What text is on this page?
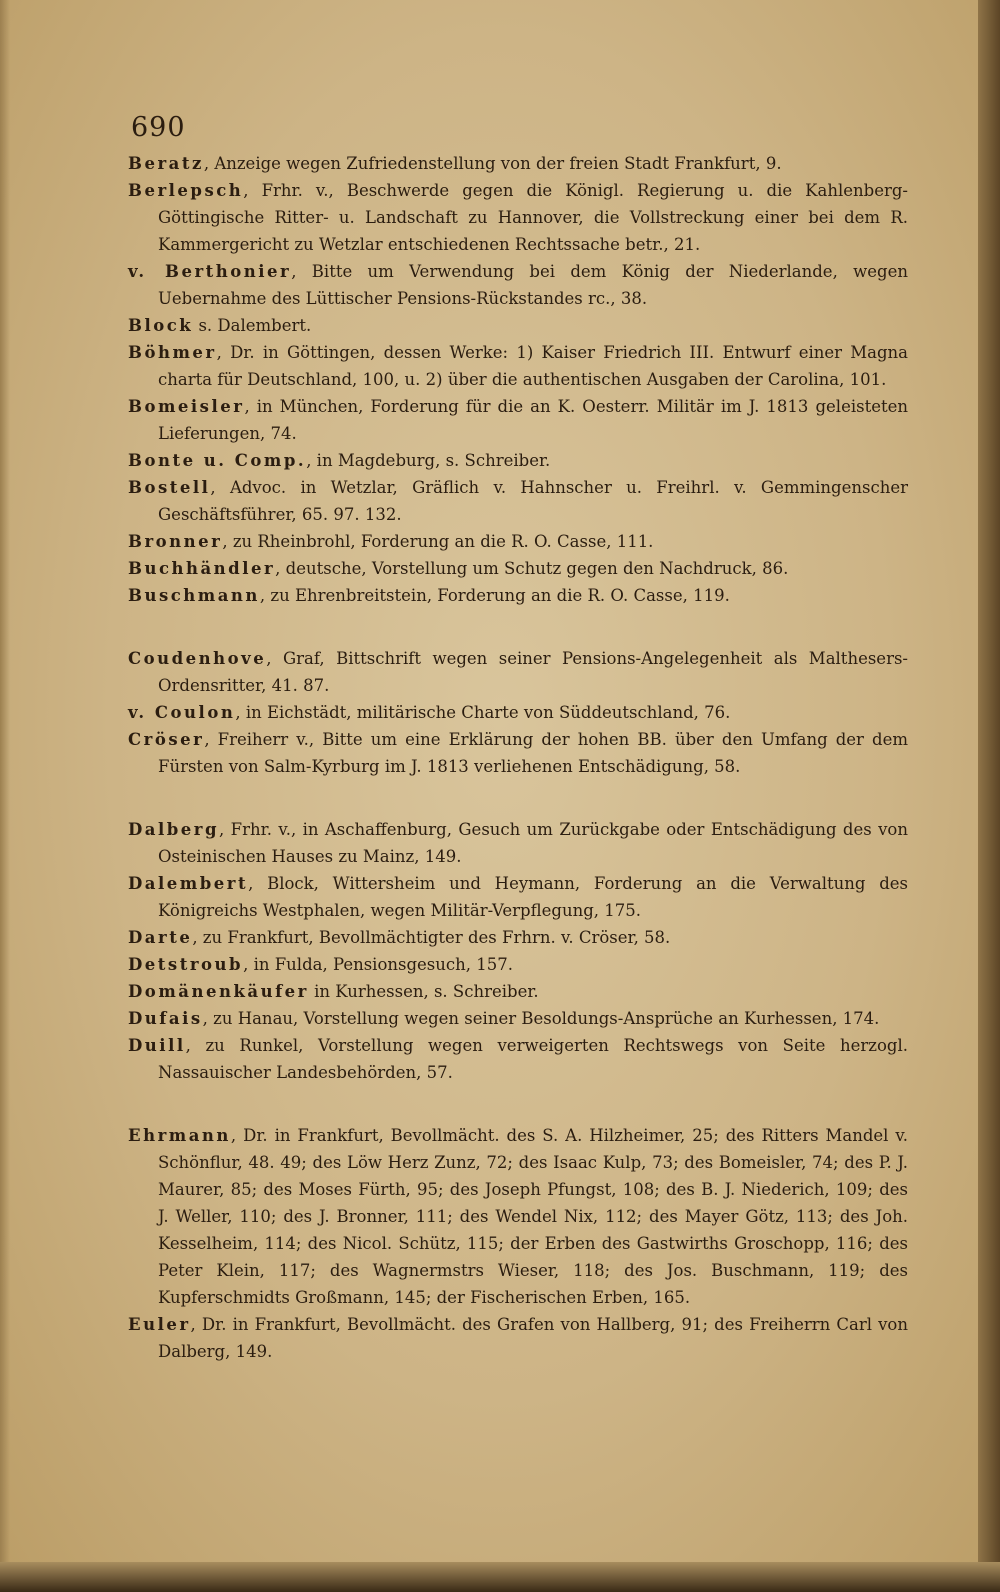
690
Beratz, Anzeige wegen Zufriedenstellung von der freien Stadt Frankfurt, 9.
Berlepsch, Frhr. v., Beschwerde gegen die Königl. Regierung u. die Kahlenberg-Göttingische Ritter- u. Landschaft zu Hannover, die Vollstreckung einer bei dem R. Kammergericht zu Wetzlar entschiedenen Rechtssache betr., 21.
v. Berthonier, Bitte um Verwendung bei dem König der Niederlande, wegen Uebernahme des Lüttischer Pensions-Rückstandes rc., 38.
Block s. Dalembert.
Böhmer, Dr. in Göttingen, dessen Werke: 1) Kaiser Friedrich III. Entwurf einer Magna charta für Deutschland, 100, u. 2) über die authentischen Ausgaben der Carolina, 101.
Bomeisler, in München, Forderung für die an K. Oesterr. Militär im J. 1813 geleisteten Lieferungen, 74.
Bonte u. Comp., in Magdeburg, s. Schreiber.
Bostell, Advoc. in Wetzlar, Gräflich v. Hahnscher u. Freihrl. v. Gemmingenscher Geschäftsführer, 65. 97. 132.
Bronner, zu Rheinbrohl, Forderung an die R. O. Casse, 111.
Buchhändler, deutsche, Vorstellung um Schutz gegen den Nachdruck, 86.
Buschmann, zu Ehrenbreitstein, Forderung an die R. O. Casse, 119.
Coudenhove, Graf, Bittschrift wegen seiner Pensions-Angelegenheit als Malthesers-Ordensritter, 41. 87.
v. Coulon, in Eichstädt, militärische Charte von Süddeutschland, 76.
Cröser, Freiherr v., Bitte um eine Erklärung der hohen BB. über den Umfang der dem Fürsten von Salm-Kyrburg im J. 1813 verliehenen Entschädigung, 58.
Dalberg, Frhr. v., in Aschaffenburg, Gesuch um Zurückgabe oder Entschädigung des von Osteinischen Hauses zu Mainz, 149.
Dalembert, Block, Wittersheim und Heymann, Forderung an die Verwaltung des Königreichs Westphalen, wegen Militär-Verpflegung, 175.
Darte, zu Frankfurt, Bevollmächtigter des Frhrn. v. Cröser, 58.
Detstroub, in Fulda, Pensionsgesuch, 157.
Domänenkäufer in Kurhessen, s. Schreiber.
Dufais, zu Hanau, Vorstellung wegen seiner Besoldungs-Ansprüche an Kurhessen, 174.
Duill, zu Runkel, Vorstellung wegen verweigerten Rechtswegs von Seite herzogl. Nassauischer Landesbehörden, 57.
Ehrmann, Dr. in Frankfurt, Bevollmächt. des S. A. Hilzheimer, 25; des Ritters Mandel v. Schönflur, 48. 49; des Löw Herz Zunz, 72; des Isaac Kulp, 73; des Bomeisler, 74; des P. J. Maurer, 85; des Moses Fürth, 95; des Joseph Pfungst, 108; des B. J. Niederich, 109; des J. Weller, 110; des J. Bronner, 111; des Wendel Nix, 112; des Mayer Götz, 113; des Joh. Kesselheim, 114; des Nicol. Schütz, 115; der Erben des Gastwirths Groschopp, 116; des Peter Klein, 117; des Wagnermstrs Wieser, 118; des Jos. Buschmann, 119; des Kupferschmidts Großmann, 145; der Fischerischen Erben, 165.
Euler, Dr. in Frankfurt, Bevollmächt. des Grafen von Hallberg, 91; des Freiherrn Carl von Dalberg, 149.
